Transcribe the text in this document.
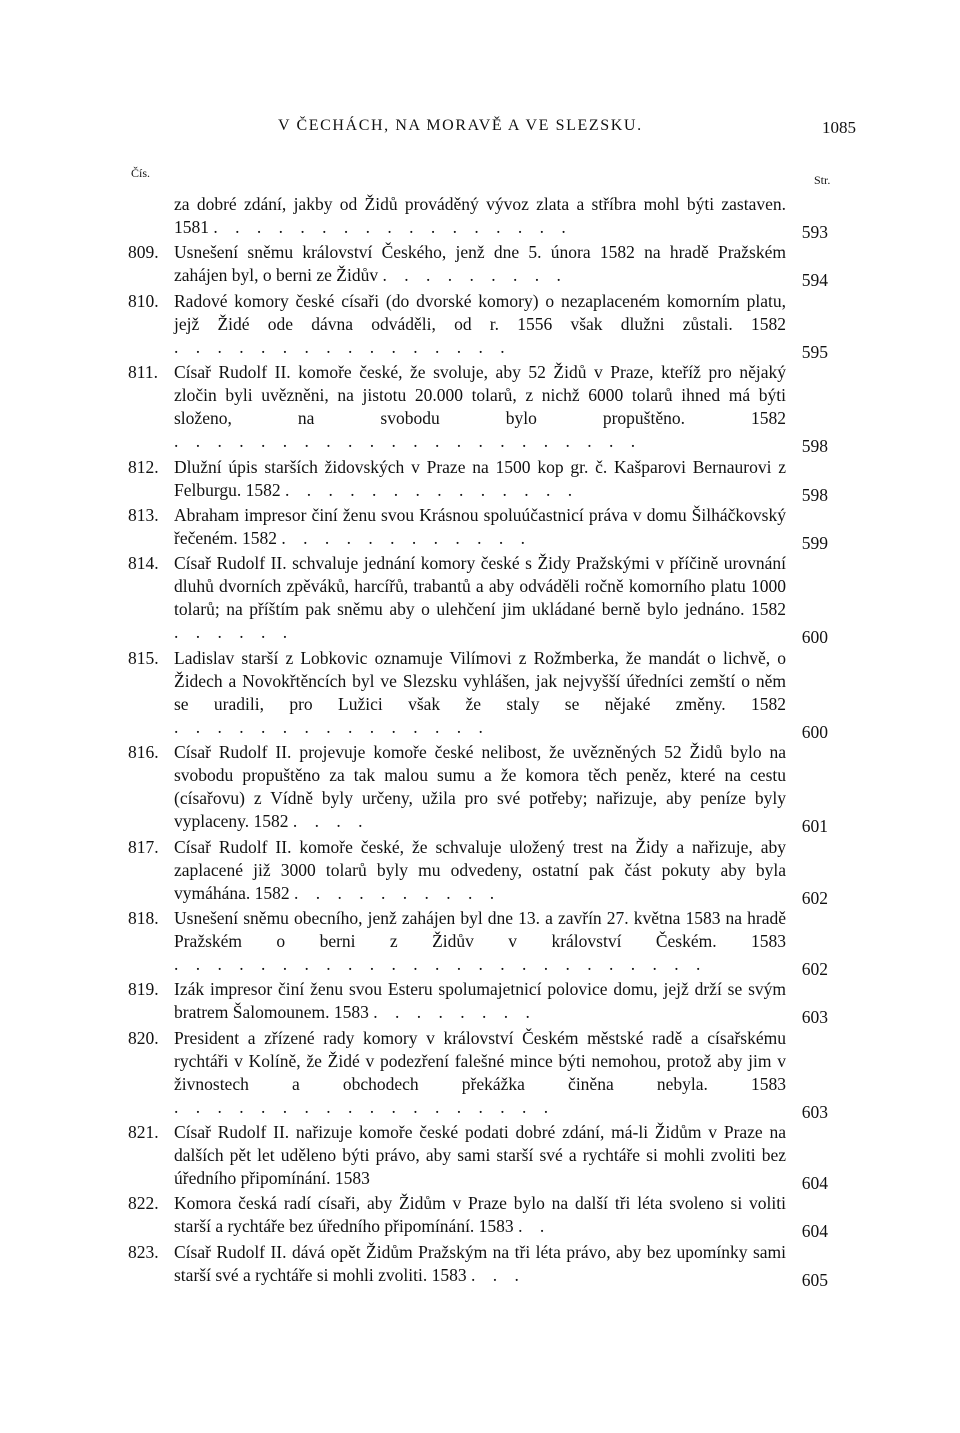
V ČECHÁCH, NA MORAVĚ A VE SLEZSKU.	1085
Čís.	Str.
za dobré zdání, jakby od Židů prováděný vývoz zlata a stříbra mohl býti zastaven. 1581 . . . . . . . . . . . . . . . . .	593
809. Usnešení sněmu království Českého, jenž dne 5. února 1582 na hradě Pražském zahájen byl, o berni ze Židův . . . . . . . . .	594
810. Radové komory české císaři (do dvorské komory) o nezaplaceném komorním platu, jejž Židé ode dávna odváděli, od r. 1556 však dlužni zůstali. 1582 . . . . . . . . . . . . . . . .	595
811. Císař Rudolf II. komoře české, že svoluje, aby 52 Židů v Praze, kteříž pro nějaký zločin byli uvězněni, na jistotu 20.000 tolarů, z nichž 6000 tolarů ihned má býti složeno, na svobodu bylo propuštěno. 1582 . . . . . . . . . . . . . . . . . . . . . .	598
812. Dlužní úpis starších židovských v Praze na 1500 kop gr. č. Kašparovi Bernaurovi z Felburgu. 1582 . . . . . . . . . . . . . .	598
813. Abraham impresor činí ženu svou Krásnou spoluúčastnicí práva v domu Šilháčkovský řečeném. 1582 . . . . . . . . . . . .	599
814. Císař Rudolf II. schvaluje jednání komory české s Židy Pražskými v příčině urovnání dluhů dvorních zpěváků, harcířů, trabantů a aby odváděli ročně komorního platu 1000 tolarů; na příštím pak sněmu aby o ulehčení jim ukládané berně bylo jednáno. 1582 . . . . . .	600
815. Ladislav starší z Lobkovic oznamuje Vilímovi z Rožmberka, že mandát o lichvě, o Židech a Novokřtěncích byl ve Slezsku vyhlášen, jak nejvyšší úředníci zemští o něm se uradili, pro Lužici však že staly se nějaké změny. 1582 . . . . . . . . . . . . . . .	600
816. Císař Rudolf II. projevuje komoře české nelibost, že uvězněných 52 Židů bylo na svobodu propuštěno za tak malou sumu a že komora těch peněz, které na cestu (císařovu) z Vídně byly určeny, užila pro své potřeby; nařizuje, aby peníze byly vyplaceny. 1582 . . . .	601
817. Císař Rudolf II. komoře české, že schvaluje uložený trest na Židy a nařizuje, aby zaplacené již 3000 tolarů byly mu odvedeny, ostatní pak část pokuty aby byla vymáhána. 1582 . . . . . . . . . .	602
818. Usnešení sněmu obecního, jenž zahájen byl dne 13. a zavřín 27. května 1583 na hradě Pražském o berni z Židův v království Českém. 1583 . . . . . . . . . . . . . . . . . . . . . . . . .	602
819. Izák impresor činí ženu svou Esteru spolumajetnicí polovice domu, jejž drží se svým bratrem Šalomounem. 1583 . . . . . . . .	603
820. President a zřízené rady komory v království Českém městské radě a císařskému rychtáři v Kolíně, že Židé v podezření falešné mince býti nemohou, protož aby jim v živnostech a obchodech překážka činěna nebyla. 1583 . . . . . . . . . . . . . . . . . .	603
821. Císař Rudolf II. nařizuje komoře české podati dobré zdání, má-li Židům v Praze na dalších pět let uděleno býti právo, aby sami starší své a rychtáře si mohli zvoliti bez úředního připomínání. 1583	604
822. Komora česká radí císaři, aby Židům v Praze bylo na další tři léta svoleno si voliti starší a rychtáře bez úředního připomínání. 1583 . .	604
823. Císař Rudolf II. dává opět Židům Pražským na tři léta právo, aby bez upomínky sami starší své a rychtáře si mohli zvoliti. 1583 . . .	605
